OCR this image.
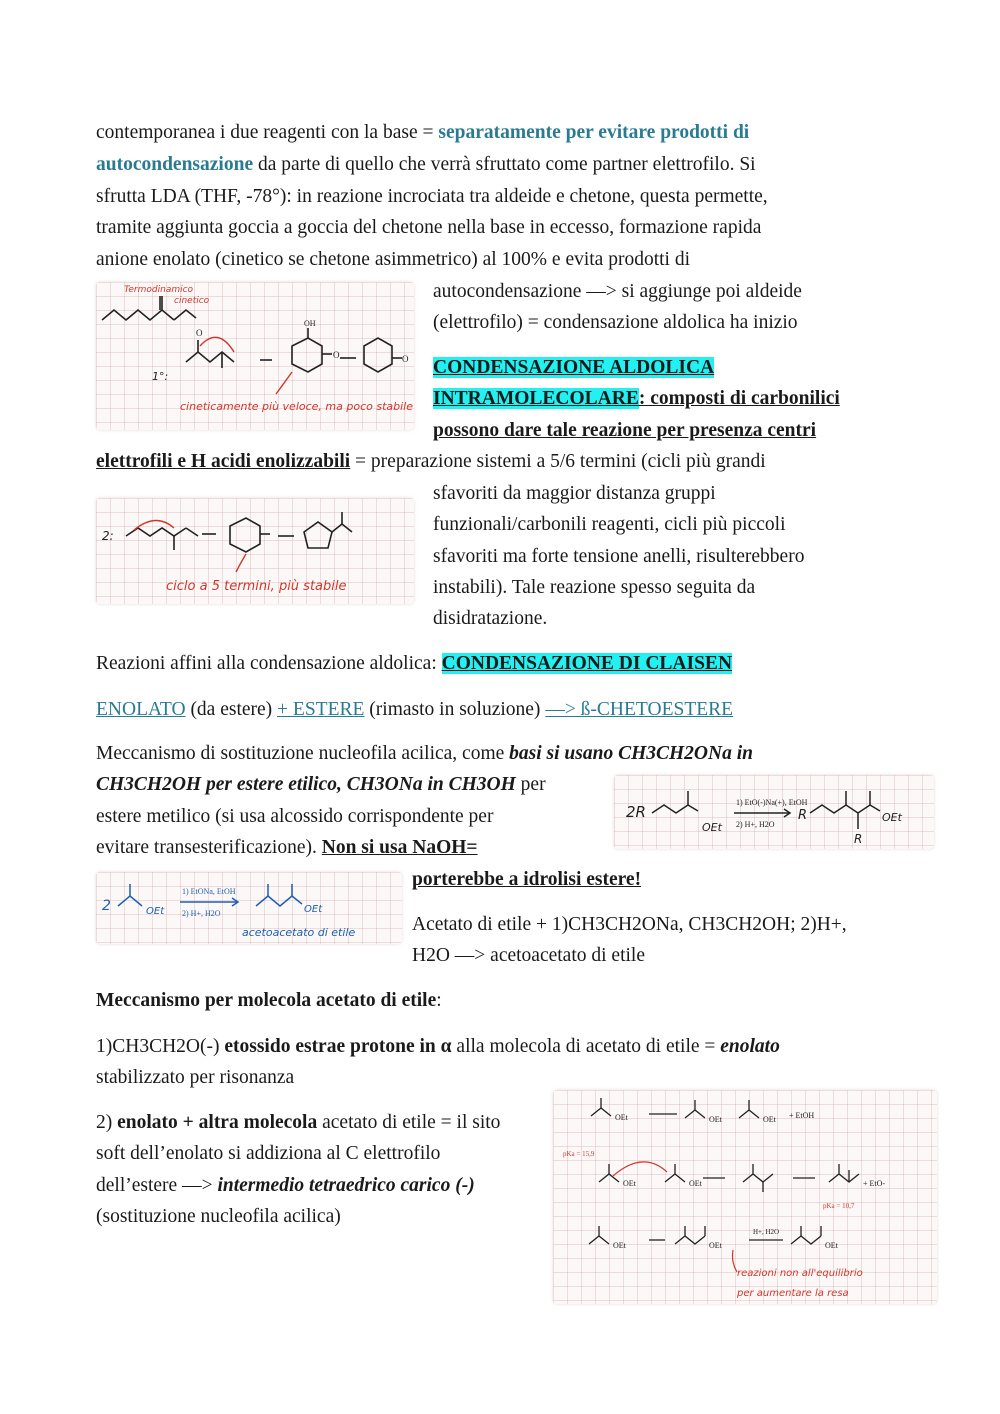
contemporanea i due reagenti con la base = separatamente per evitare prodotti di
autocondensazione da parte di quello che verrà sfruttato come partner elettrofilo. Si
sfrutta LDA (THF, -78°): in reazione incrociata tra aldeide e chetone, questa permette,
tramite aggiunta goccia a goccia del chetone nella base in eccesso, formazione rapida
anione enolato (cinetico se chetone asimmetrico) al 100% e evita prodotti di
autocondensazione —> si aggiunge poi aldeide
(elettrofilo) = condensazione aldolica ha inizio
O
OH
O	O
1°:
Termodinamico
cinetico
cineticamente più veloce, ma poco stabile
CONDENSAZIONE ALDOLICA
INTRAMOLECOLARE: composti di carbonilici
possono dare tale reazione per presenza centri
elettrofili e H acidi enolizzabili = preparazione sistemi a 5/6 termini (cicli più grandi
sfavoriti da maggior distanza gruppi
funzionali/carbonili reagenti, cicli più piccoli
sfavoriti ma forte tensione anelli, risulterebbero
instabili). Tale reazione spesso seguita da
disidratazione.
2:
ciclo a 5 termini, più stabile
Reazioni affini alla condensazione aldolica: CONDENSAZIONE DI CLAISEN
ENOLATO (da estere) + ESTERE (rimasto in soluzione) —> ß-CHETOESTERE
Meccanismo di sostituzione nucleofila acilica, come basi si usano CH3CH2ONa in
CH3CH2OH per estere etilico, CH3ONa in CH3OH per
estere metilico (si usa alcossido corrispondente per
evitare transesterificazione). Non si usa NaOH=
porterebbe a idrolisi estere!
Acetato di etile + 1)CH3CH2ONa, CH3CH2OH; 2)H+,
H2O —> acetoacetato di etile
2R
OEt
1) EtO(-)Na(+), EtOH
2) H+, H2O
R	OEt
R
2	OEt
1) EtONa, EtOH
2) H+, H2O	OEt
acetoacetato di etile
Meccanismo per molecola acetato di etile:
1)CH3CH2O(-) etossido estrae protone in α alla molecola di acetato di etile = enolato
stabilizzato per risonanza
2) enolato + altra molecola acetato di etile = il sito
soft dell’enolato si addiziona al C elettrofilo
dell’estere —> intermedio tetraedrico carico (-)
(sostituzione nucleofila acilica)
OEt	OEt	OEt + EtOH
OEt	OEt	+ EtO-
OEt	OEt	OEt
H+, H2O
pKa = 15,9
pKa = 10,7
reazioni non all'equilibrio
per aumentare la resa
